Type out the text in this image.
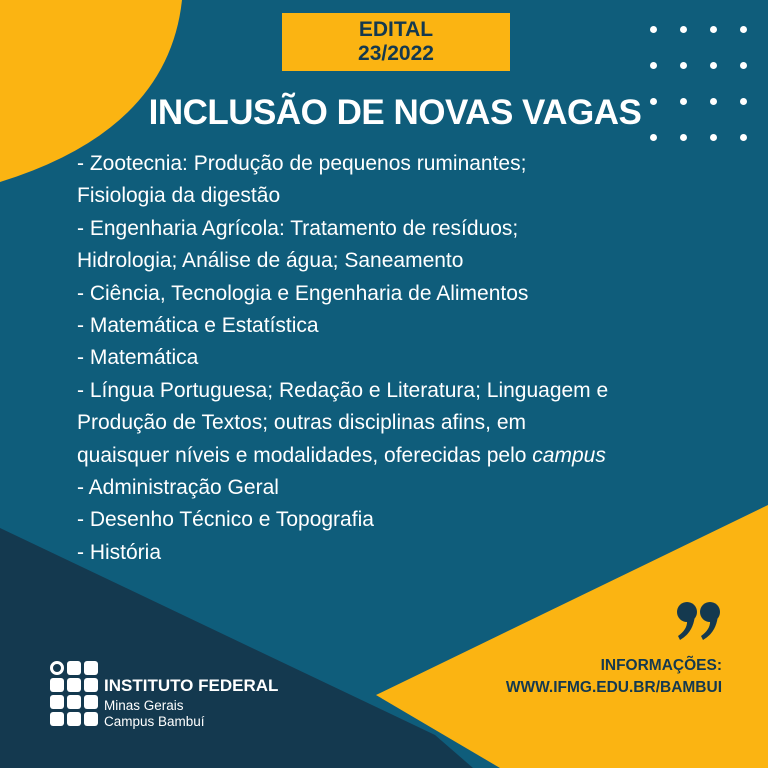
EDITAL
23/2022
INCLUSÃO DE NOVAS VAGAS
- Zootecnia: Produção de pequenos ruminantes;
Fisiologia da digestão
- Engenharia Agrícola: Tratamento de resíduos;
Hidrologia; Análise de água; Saneamento
- Ciência, Tecnologia e Engenharia de Alimentos
- Matemática e Estatística
- Matemática
- Língua Portuguesa; Redação e Literatura; Linguagem e
Produção de Textos; outras disciplinas afins, em
quaisquer níveis e modalidades, oferecidas pelo campus
- Administração Geral
- Desenho Técnico e Topografia
- História
INFORMAÇÕES:
WWW.IFMG.EDU.BR/BAMBUI
INSTITUTO FEDERAL
Minas Gerais
Campus Bambuí
